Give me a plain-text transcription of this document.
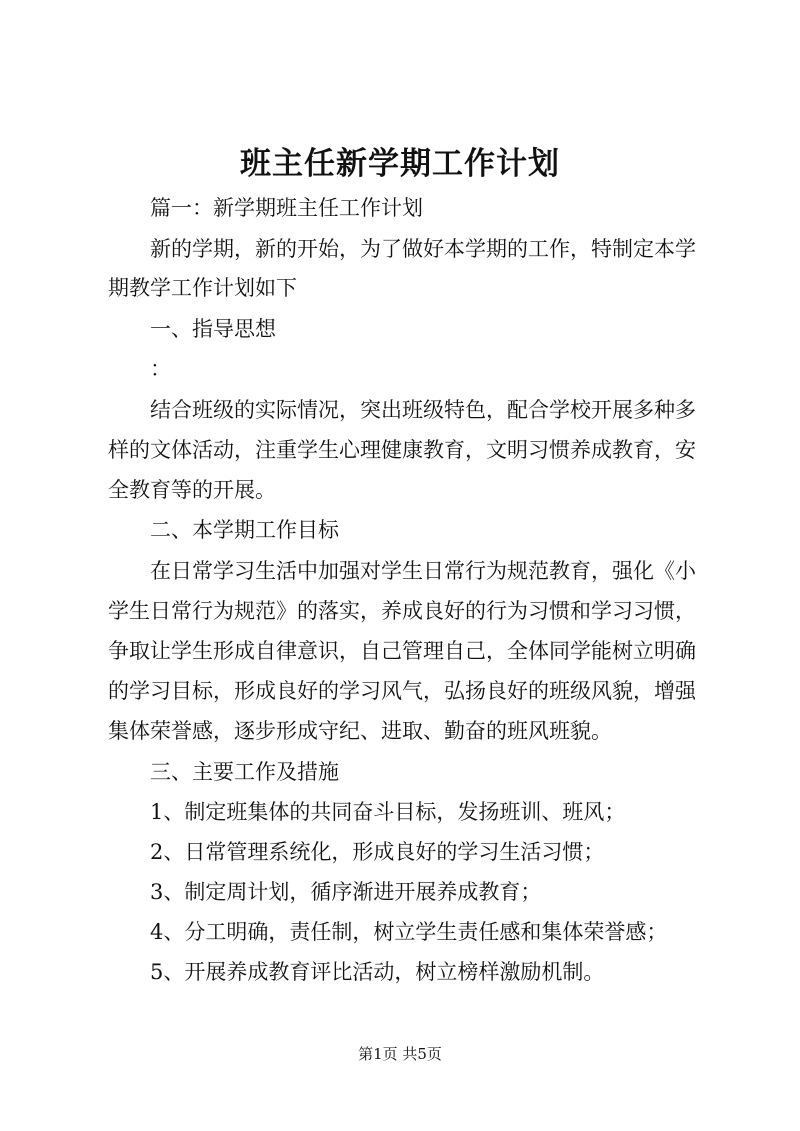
班主任新学期工作计划

篇一：新学期班主任工作计划

新的学期，新的开始，为了做好本学期的工作，特制定本学

期教学工作计划如下

一、指导思想

：

结合班级的实际情况，突出班级特色，配合学校开展多种多

样的文体活动，注重学生心理健康教育，文明习惯养成教育，安

全教育等的开展。

二、本学期工作目标

在日常学习生活中加强对学生日常行为规范教育，强化《小

学生日常行为规范》的落实，养成良好的行为习惯和学习习惯，

争取让学生形成自律意识，自己管理自己，全体同学能树立明确

的学习目标，形成良好的学习风气，弘扬良好的班级风貌，增强

集体荣誉感，逐步形成守纪、进取、勤奋的班风班貌。

三、主要工作及措施

1、制定班集体的共同奋斗目标，发扬班训、班风；

2、日常管理系统化，形成良好的学习生活习惯；

3、制定周计划，循序渐进开展养成教育；

4、分工明确，责任制，树立学生责任感和集体荣誉感；

5、开展养成教育评比活动，树立榜样激励机制。

第1页 共5页
